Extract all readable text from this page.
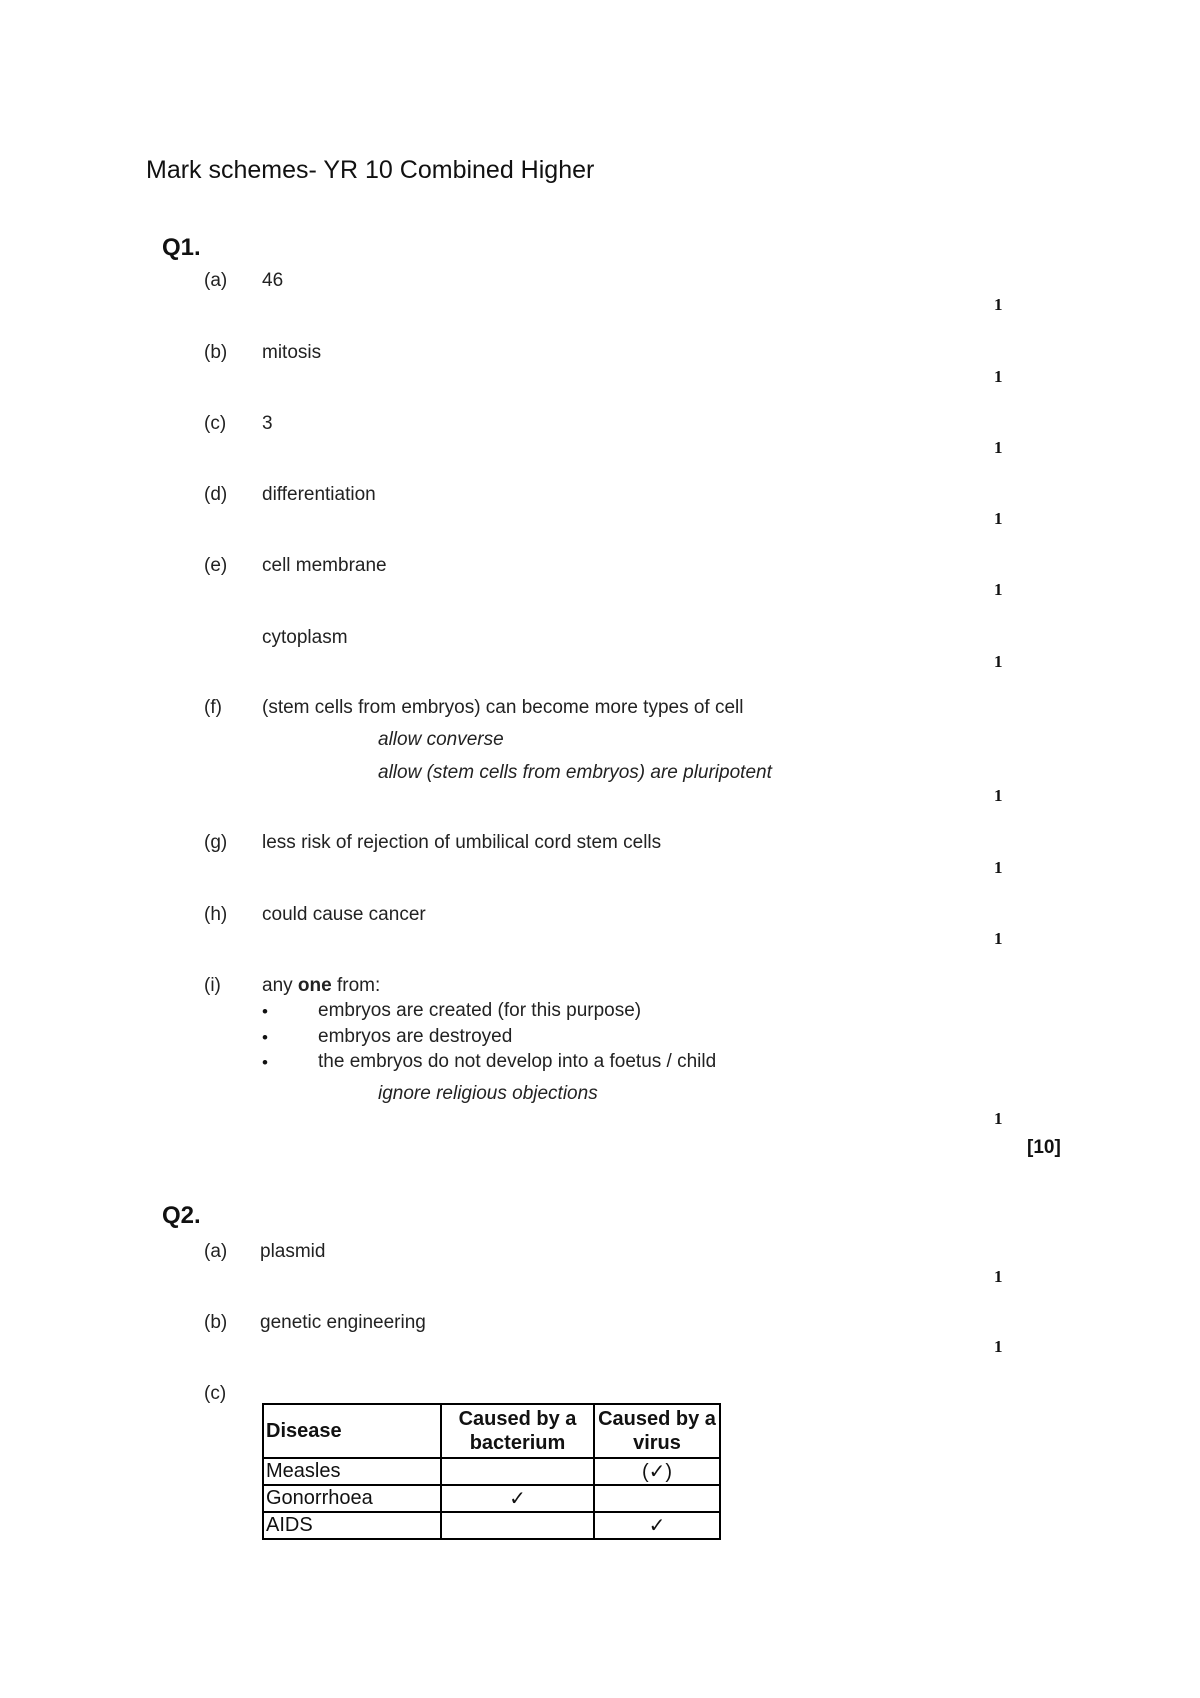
Mark schemes- YR 10 Combined Higher
Q1.
(a) 46
1
(b) mitosis
1
(c) 3
1
(d) differentiation
1
(e) cell membrane
1
cytoplasm
1
(f) (stem cells from embryos) can become more types of cell
allow converse
allow (stem cells from embryos) are pluripotent
1
(g) less risk of rejection of umbilical cord stem cells
1
(h) could cause cancer
1
(i) any one from:
•	embryos are created (for this purpose)
•	embryos are destroyed
•	the embryos do not develop into a foetus / child
ignore religious objections
1
[10]
Q2.
(a) plasmid
1
(b) genetic engineering
1
(c)
Disease	Caused by a bacterium	Caused by a virus
Measles		(✓)
Gonorrhoea	✓	
AIDS		✓
